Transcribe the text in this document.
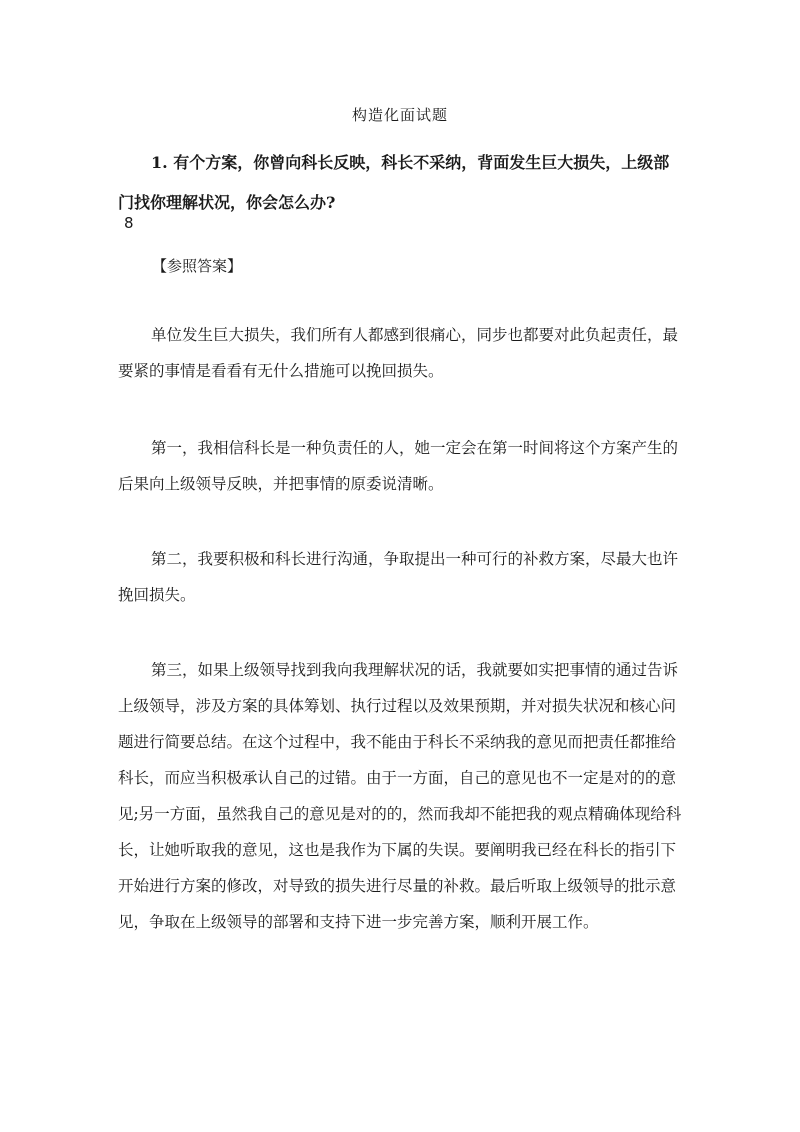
构造化面试题

1. 有个方案，你曾向科长反映，科长不采纳，背面发生巨大损失，上级部门找你理解状况，你会怎么办?

8
【参照答案】

单位发生巨大损失，我们所有人都感到很痛心，同步也都要对此负起责任，最要紧的事情是看看有无什么措施可以挽回损失。

第一，我相信科长是一种负责任的人，她一定会在第一时间将这个方案产生的后果向上级领导反映，并把事情的原委说清晰。

第二，我要积极和科长进行沟通，争取提出一种可行的补救方案，尽最大也许挽回损失。

第三，如果上级领导找到我向我理解状况的话，我就要如实把事情的通过告诉上级领导，涉及方案的具体筹划、执行过程以及效果预期，并对损失状况和核心问题进行简要总结。在这个过程中，我不能由于科长不采纳我的意见而把责任都推给科长，而应当积极承认自己的过错。由于一方面，自己的意见也不一定是对的的意见;另一方面，虽然我自己的意见是对的的，然而我却不能把我的观点精确体现给科长，让她听取我的意见，这也是我作为下属的失误。要阐明我已经在科长的指引下开始进行方案的修改，对导致的损失进行尽量的补救。最后听取上级领导的批示意见，争取在上级领导的部署和支持下进一步完善方案，顺利开展工作。
